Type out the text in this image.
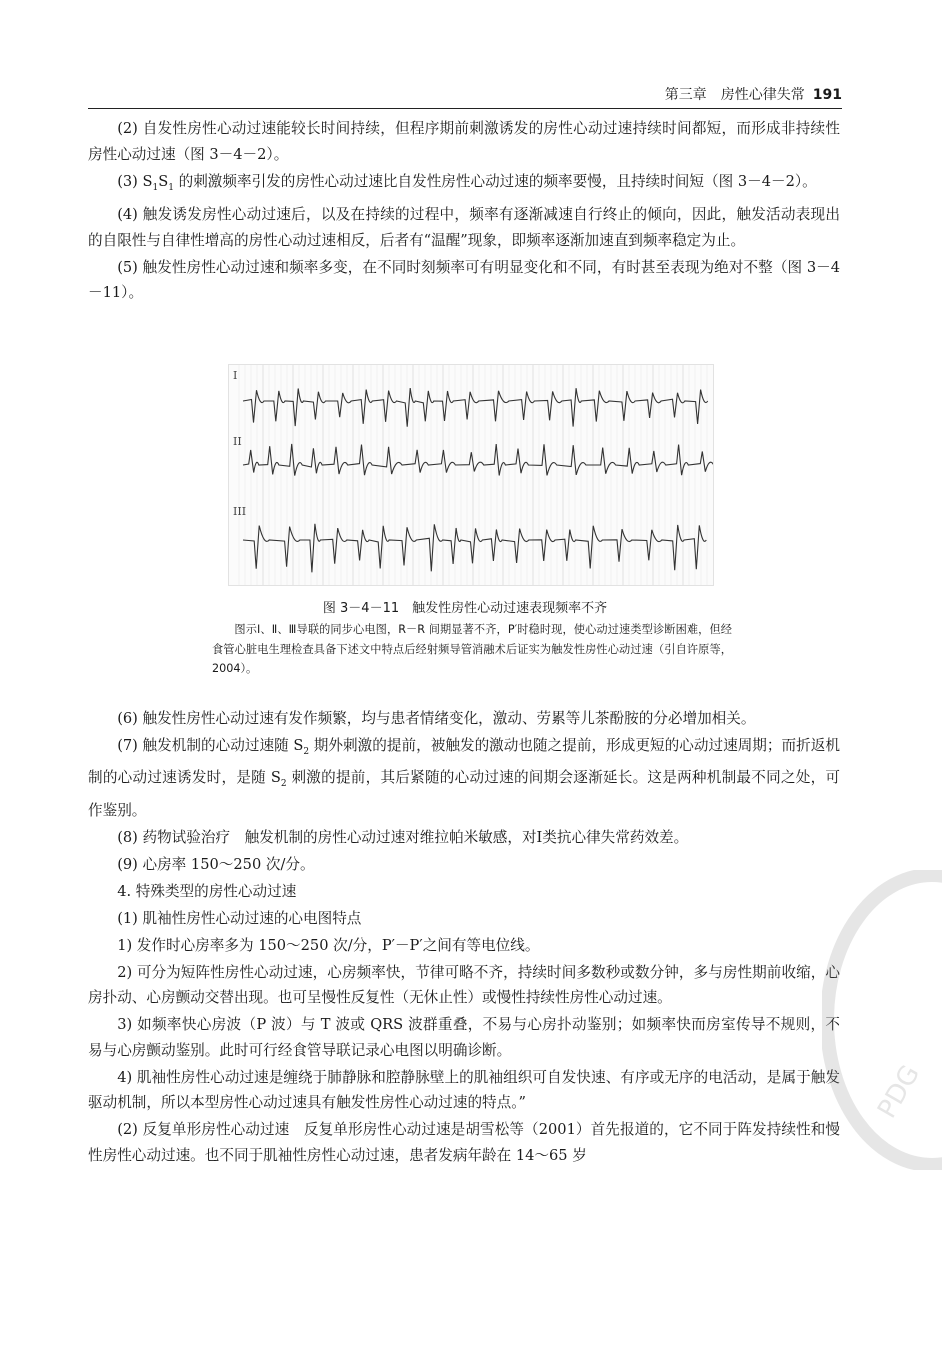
第三章　房性心律失常 191

(2) 自发性房性心动过速能较长时间持续，但程序期前刺激诱发的房性心动过速持续时间都短，而形成非持续性房性心动过速（图 3－4－2）。

(3) $S_1S_1$ 的刺激频率引发的房性心动过速比自发性房性心动过速的频率要慢，且持续时间短（图 3－4－2）。

(4) 触发诱发房性心动过速后，以及在持续的过程中，频率有逐渐减速自行终止的倾向，因此，触发活动表现出的自限性与自律性增高的房性心动过速相反，后者有“温醒”现象，即频率逐渐加速直到频率稳定为止。

(5) 触发性房性心动过速和频率多变，在不同时刻频率可有明显变化和不同，有时甚至表现为绝对不整（图 3－4－11）。

I
II
III
图 3－4－11　触发性房性心动过速表现频率不齐
图示Ⅰ、Ⅱ、Ⅲ导联的同步心电图，R－R 间期显著不齐，P′时稳时现，使心动过速类型诊断困难，但经食管心脏电生理检查具备下述文中特点后经射频导管消融术后证实为触发性房性心动过速（引自许原等，2004）。

(6) 触发性房性心动过速有发作频繁，均与患者情绪变化，激动、劳累等儿茶酚胺的分必增加相关。

(7) 触发机制的心动过速随 $S_2$ 期外刺激的提前，被触发的激动也随之提前，形成更短的心动过速周期；而折返机制的心动过速诱发时，是随 $S_2$ 刺激的提前，其后紧随的心动过速的间期会逐渐延长。这是两种机制最不同之处，可作鉴别。

(8) 药物试验治疗 触发机制的房性心动过速对维拉帕米敏感，对Ⅰ类抗心律失常药效差。

(9) 心房率 150～250 次/分。

4. 特殊类型的房性心动过速

(1) 肌袖性房性心动过速的心电图特点

1) 发作时心房率多为 150～250 次/分，P′－P′之间有等电位线。

2) 可分为短阵性房性心动过速，心房频率快，节律可略不齐，持续时间多数秒或数分钟，多与房性期前收缩，心房扑动、心房颤动交替出现。也可呈慢性反复性（无休止性）或慢性持续性房性心动过速。

3) 如频率快心房波（P 波）与 T 波或 QRS 波群重叠，不易与心房扑动鉴别；如频率快而房室传导不规则，不易与心房颤动鉴别。此时可行经食管导联记录心电图以明确诊断。

4) 肌袖性房性心动过速是缠绕于肺静脉和腔静脉壁上的肌袖组织可自发快速、有序或无序的电活动，是属于触发驱动机制，所以本型房性心动过速具有触发性房性心动过速的特点。”

(2) 反复单形房性心动过速 反复单形房性心动过速是胡雪松等（2001）首先报道的，它不同于阵发持续性和慢性房性心动过速。也不同于肌袖性房性心动过速，患者发病年龄在 14～65 岁

PDG
